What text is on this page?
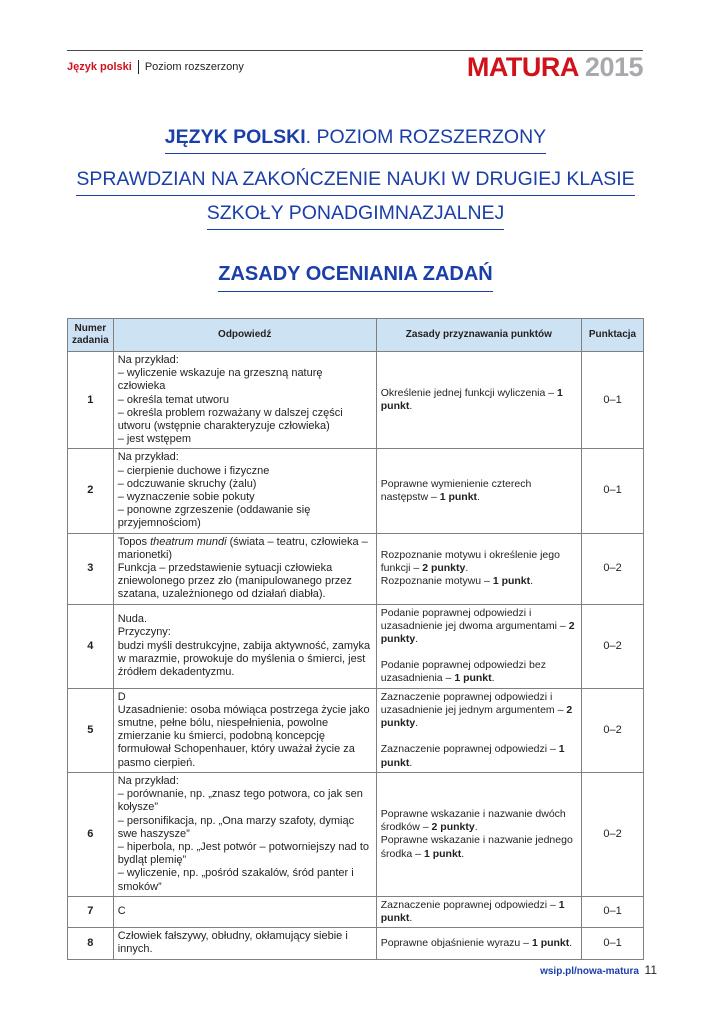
Język polski Poziom rozszerzony	MATURA 2015
JĘZYK POLSKI. POZIOM ROZSZERZONY
SPRAWDZIAN NA ZAKOŃCZENIE NAUKI W DRUGIEJ KLASIE
SZKOŁY PONADGIMNAZJALNEJ
ZASADY OCENIANIA ZADAŃ
Numer zadania	Odpowiedź	Zasady przyznawania punktów	Punktacja
1	Na przykład:
– wyliczenie wskazuje na grzeszną naturę człowieka
– określa temat utworu
– określa problem rozważany w dalszej części utworu (wstępnie charakteryzuje człowieka)
– jest wstępem	Określenie jednej funkcji wyliczenia – 1 punkt.	0–1
2	Na przykład:
– cierpienie duchowe i fizyczne
– odczuwanie skruchy (żalu)
– wyznaczenie sobie pokuty
– ponowne zgrzeszenie (oddawanie się przyjemnościom)	Poprawne wymienienie czterech następstw – 1 punkt.	0–1
3	Topos theatrum mundi (świata – teatru, człowieka – marionetki)
Funkcja – przedstawienie sytuacji człowieka zniewolonego przez zło (manipulowanego przez szatana, uzależnionego od działań diabła).	Rozpoznanie motywu i określenie jego funkcji – 2 punkty.
Rozpoznanie motywu – 1 punkt.	0–2
4	Nuda.
Przyczyny:
budzi myśli destrukcyjne, zabija aktywność, zamyka w marazmie, prowokuje do myślenia o śmierci, jest źródłem dekadentyzmu.	Podanie poprawnej odpowiedzi i uzasadnienie jej dwoma argumentami – 2 punkty.
Podanie poprawnej odpowiedzi bez uzasadnienia – 1 punkt.	0–2
5	D
Uzasadnienie: osoba mówiąca postrzega życie jako smutne, pełne bólu, niespełnienia, powolne zmierzanie ku śmierci, podobną koncepcję formułował Schopenhauer, który uważał życie za pasmo cierpień.	Zaznaczenie poprawnej odpowiedzi i uzasadnienie jej jednym argumentem – 2 punkty.
Zaznaczenie poprawnej odpowiedzi – 1 punkt.	0–2
6	Na przykład:
– porównanie, np. „znasz tego potwora, co jak sen kołysze”
– personifikacja, np. „Ona marzy szafoty, dymiąc swe haszysze”
– hiperbola, np. „Jest potwór – potworniejszy nad to bydląt plemię”
– wyliczenie, np. „pośród szakalów, śród panter i smoków”	Poprawne wskazanie i nazwanie dwóch środków – 2 punkty.
Poprawne wskazanie i nazwanie jednego środka – 1 punkt.	0–2
7	C	Zaznaczenie poprawnej odpowiedzi – 1 punkt.	0–1
8	Człowiek fałszywy, obłudny, okłamujący siebie i innych.	Poprawne objaśnienie wyrazu – 1 punkt.	0–1
wsip.pl/nowa-matura 11
